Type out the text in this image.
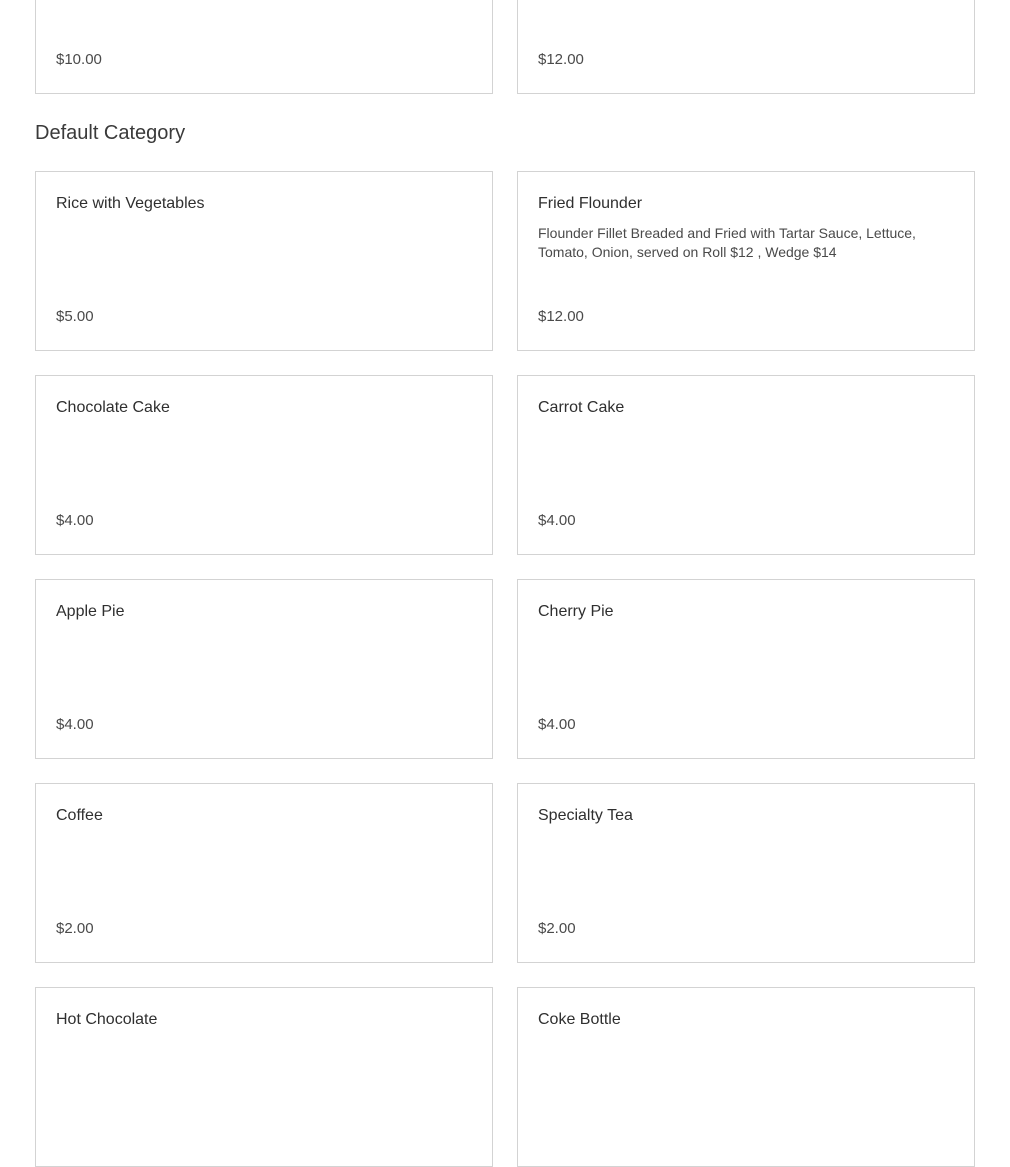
$10.00	$12.00
Default Category
Rice with Vegetables
$5.00
Fried Flounder
Flounder Fillet Breaded and Fried with Tartar Sauce, Lettuce, Tomato, Onion, served on Roll $12 , Wedge $14
$12.00
Chocolate Cake
$4.00
Carrot Cake
$4.00
Apple Pie
$4.00
Cherry Pie
$4.00
Coffee
$2.00
Specialty Tea
$2.00
Hot Chocolate	Coke Bottle
